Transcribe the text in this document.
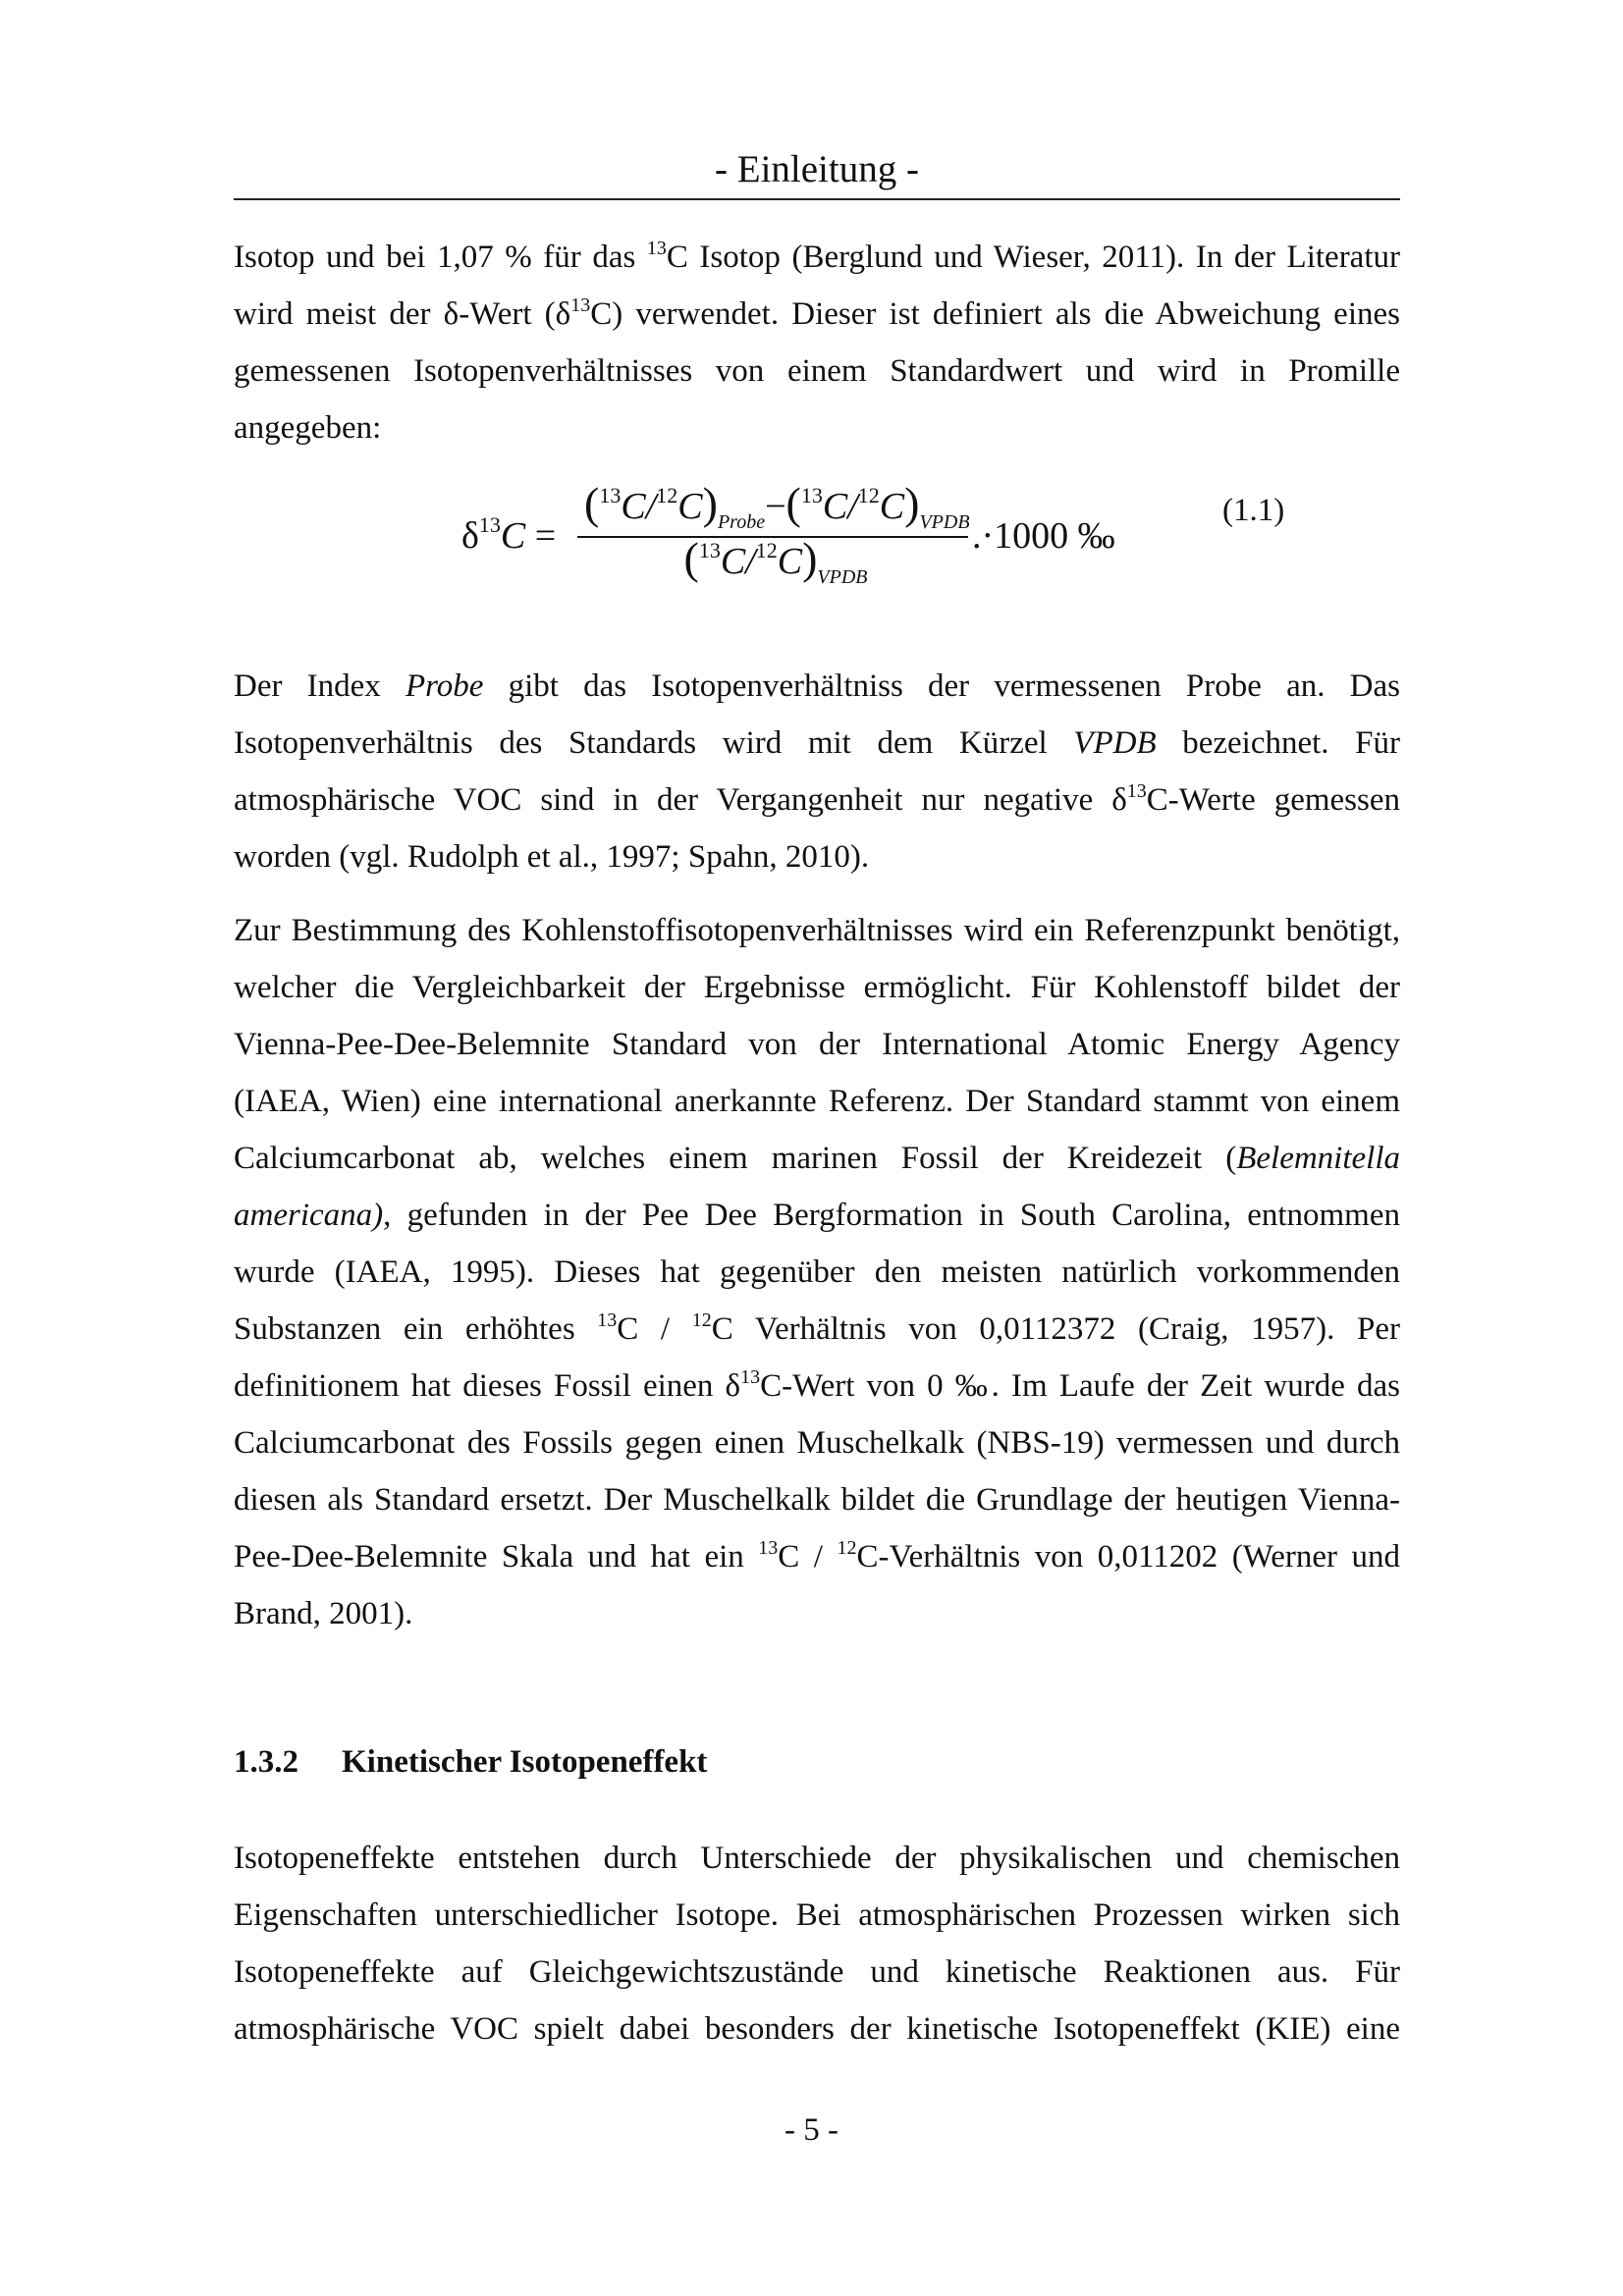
- Einleitung -
Isotop und bei 1,07 % für das $^{13}$C Isotop (Berglund und Wieser, 2011). In der Literatur
wird meist der δ-Wert $(\delta^{13}C)$ verwendet. Dieser ist definiert als die Abweichung eines
gemessenen Isotopenverhältnisses von einem Standardwert und wird in Promille
angegeben:
$\delta^{13}C$ =
$(^{13}C/^{12}C)_{Probe}-(^{13}C/^{12}C)_{VPDB}$
$(^{13}C/^{12}C)_{VPDB}$
.·1000 ‰
(1.1)
Der Index Probe gibt das Isotopenverhältniss der vermessenen Probe an. Das
Isotopenverhältnis des Standards wird mit dem Kürzel VPDB bezeichnet. Für
atmosphärische VOC sind in der Vergangenheit nur negative $\delta^{13}C$-Werte gemessen
worden (vgl. Rudolph et al., 1997; Spahn, 2010).
Zur Bestimmung des Kohlenstoffisotopenverhältnisses wird ein Referenzpunkt benötigt,
welcher die Vergleichbarkeit der Ergebnisse ermöglicht. Für Kohlenstoff bildet der
Vienna-Pee-Dee-Belemnite Standard von der International Atomic Energy Agency
(IAEA, Wien) eine international anerkannte Referenz. Der Standard stammt von einem
Calciumcarbonat ab, welches einem marinen Fossil der Kreidezeit (Belemnitella
americana), gefunden in der Pee Dee Bergformation in South Carolina, entnommen
wurde (IAEA, 1995). Dieses hat gegenüber den meisten natürlich vorkommenden
Substanzen ein erhöhtes $^{13}$C / $^{12}$C Verhältnis von 0,0112372 (Craig, 1957). Per
definitionem hat dieses Fossil einen $\delta^{13}C$-Wert von 0 ‰. Im Laufe der Zeit wurde das
Calciumcarbonat des Fossils gegen einen Muschelkalk (NBS-19) vermessen und durch
diesen als Standard ersetzt. Der Muschelkalk bildet die Grundlage der heutigen Vienna-
Pee-Dee-Belemnite Skala und hat ein $^{13}$C / $^{12}$C-Verhältnis von 0,011202 (Werner und
Brand, 2001).
1.3.2 Kinetischer Isotopeneffekt
Isotopeneffekte entstehen durch Unterschiede der physikalischen und chemischen
Eigenschaften unterschiedlicher Isotope. Bei atmosphärischen Prozessen wirken sich
Isotopeneffekte auf Gleichgewichtszustände und kinetische Reaktionen aus. Für
atmosphärische VOC spielt dabei besonders der kinetische Isotopeneffekt (KIE) eine
- 5 -
